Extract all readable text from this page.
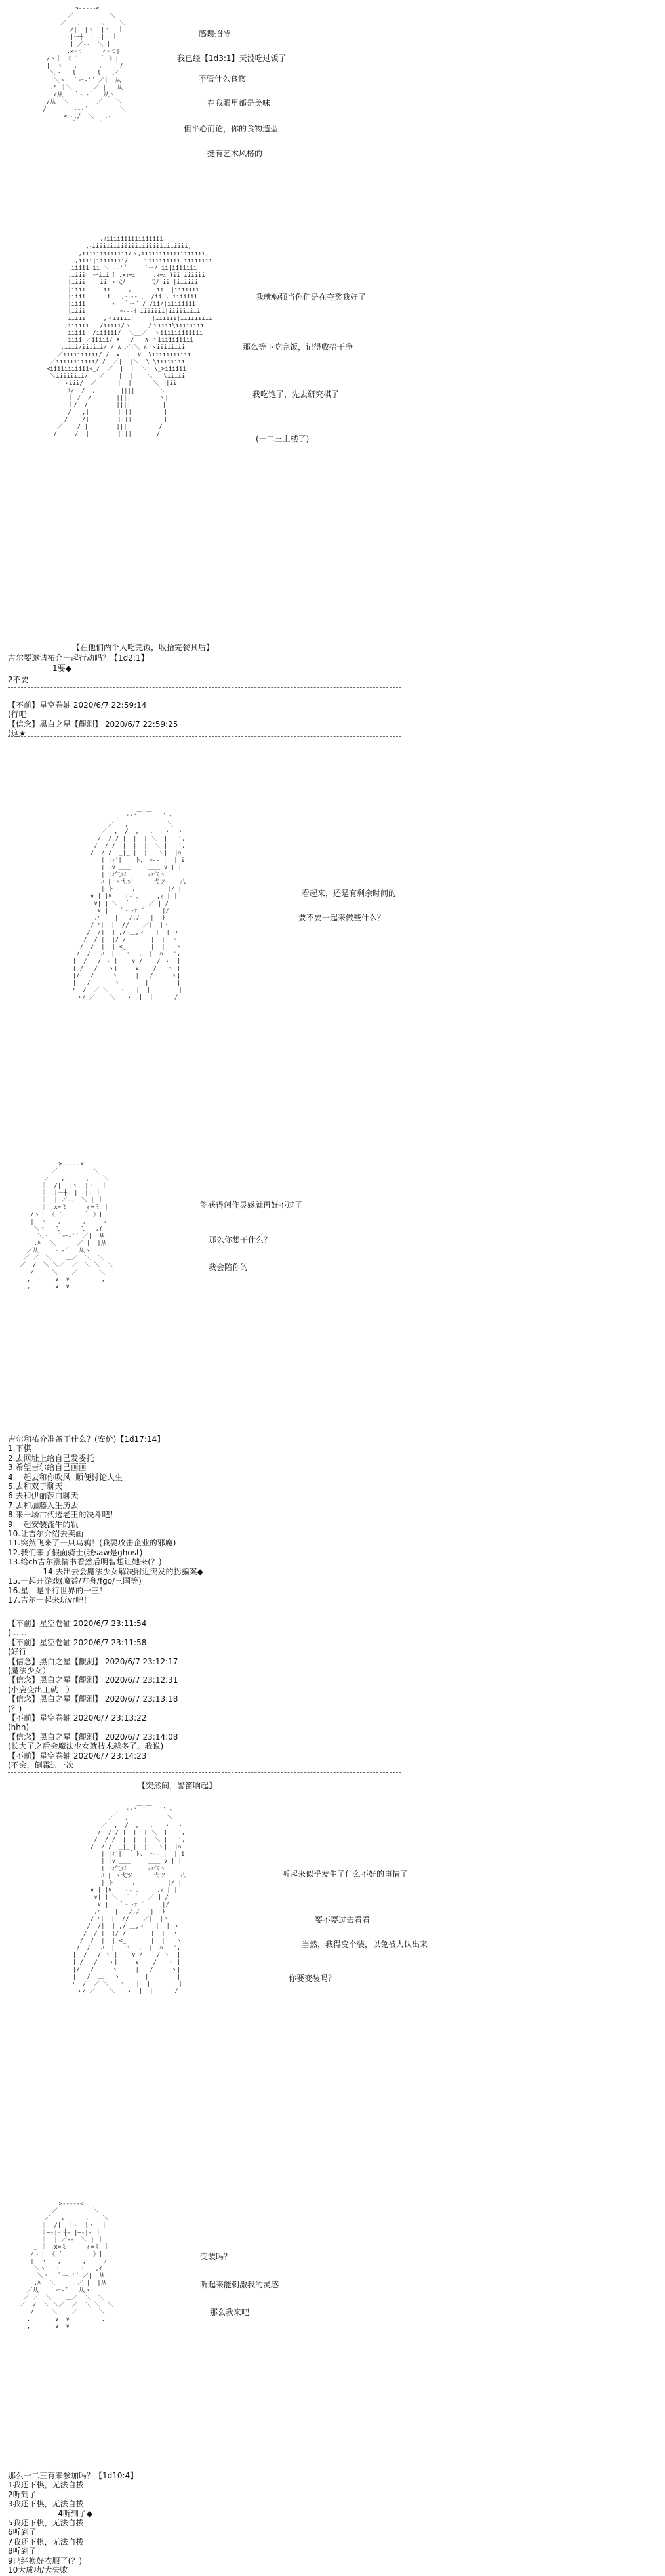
>‐‐‐‐‐<
／          ＼
／   ,      、   ＼
｜  /|  |ヽ  |ヽ  ｜
｜―‐|ー┼‐ |―‐|‐ ｜
｜  | ／‐‐  ＼ | ｜
_ ｜ ,x=ミ     ィ=ミ|｜
/ヽ｜ 《 ´      ｀ 》|
|  ヽ   ,      ,     ﾉ
＼ヽ   l      l   ,ｲ
＼ヽ  ｀ー‐'´ ／|  从
.ﾊ ｜＼      ／ |  |从
/从   ｀ー‐´   从ヽ
/从  ＼      ＿／    ＼
/      ｀‐‐‐´         ＼
<ゝ,/  ＼   ,ｨ
｀¨¨¨¨¨¨´
感谢招待
我已经【1d3:1】天没吃过饭了
不管什么食物
在我眼里都是美味
但平心而论，你的食物造型
挺有艺术风格的
,ｨiiiiiiiiiiiiiiii,
,ｨiiiiiiiiiiiiiiiiiiiiiiiiiii,
,iiiiiiiiiiiii/ヽ,iiiiiiiiiiiiiiiiii,
,iiii|iiiiiiii/    ヽiiiiiiiii|iiiiiiii
iiiii|ii ＼ -‐'´     `ー/ ii|iiiiiii
,iiii |ーiii｛ ,xｨ=ｭ     ,ｨ=ｭ }ii|iiiiii
|iiii |  ii ヽ弋ﾉ       弋ﾉ ii |iiiiii
|iiii |   ii     ,       ii  |iiiiiii
|iiii |    i   ,ー‐‐ ､  /ii ,|iiiiiii
|iiii |     ヽ  ｀ー´ / /ii/|iiiiiiii
|iiii |      ｀ｰ‐‐‐ｲ iiiiiii|iiiiiiiii
iiiii |   ,ィiiiii|     |iiiiii|iiiiiiiii
,iiiiii|  /iiiii/ヽ     /ヽiiii\iiiiiiii
|iiiii |/iiiiii/  ＼__／  ヽiiiiiiiiiiii
|iiii ／iiiii/ ∧  |/   ∧ ヽiiiiiiiiii
,iiii/iiiiii/ / ∧ ／|＼ ∧ ヽiiiiiiii
／iiiiiiiiii/ /  ∨  |  ∨  \iiiiiiiiiii
／iiiiiiiiiii/ /  ／|  |＼  \ \iiiiiiii
<iiiiiiiiiii<_/  ／  |  |  ＼  \_>iiiiii
＼iiiiiiii/   ／    |  |    ＼   \iiiii
｀ヽiii/  ／      |__|      ＼  |ii
ﾄ/  /  ,       ||||       ＼ |
｜ /  /       ||||        ヽ|
｜/  /        ||||         |
/   ,|        ||||         |
/    /|        ||||         |
／    / |        ||||        /
/     /  |        ||||       /
我就勉强当你们是在夸奖我好了
那么等下吃完饭，记得收拾干净
我吃饱了，先去研究棋了
(一二三上楼了)
【在他们两个人吃完饭，收拾完餐具后】
吉尔要邀请祐介一起行动吗？【1d2:1】
1要◆
2不要
【不前】星空卷轴 2020/6/7 22:59:14
(行吧
【信念】黑白之星【觀測】 2020/6/7 22:59:25
(这★
＿ ＿
,  ''´       ｀丶
／   ,           ＼
／  ,  /  ,   ,   ヽ  ヽ
/  / / |  |  | ＼  |   ',
/  / /  |  |  |  ＼ |   ',
/  / /  _|_ |  |   ヽ|  |ﾊ
|  | |ｨ´|  ｀ト、|ｰ‐- |  | i
|  | |∨ ＿＿     ＿＿ ∨ | |
|  | |ｨ气ﾃﾐ      ｨﾃ气ヽ | |
|  ﾊ | ヽ弋ツ      弋ツ | |八
|  | ト     ,         |/ |
∨ | |ﾊ    r‐ ､     ,ｨ | |
∨| | ＼  ｀ ´   ／ | /
∨ |  |｀ー‐ｧ ´  |  |/
,ﾊ |  |   /,/   |  ト
/ ﾊ|  |  //    ／|  |ヽ
/  /|  | ,/ ＿,ィ   |  | ヽ
/  / |  |/ /       |  |  ヽ
/  /  |  | <_       |  |   ヽ
/  /   ﾊ  |   ヽ  ,  |  ﾊ   ',
|  /   / ヽ |    ∨ / |  / ヽ  |
| /   /   ヽ|     ∨  | /   ヽ |
|/   /     ヽ     |  |/     ヽ|
|   /  ＿   ヽ    |  |        |
ﾊ  /  ／ ＼   ヽ   |  |        |
ヽ/ ／    ＼   ヽ  |  |      /
看起来，还是有剩余时间的
要不要一起来做些什么？
>‐‐‐‐‐<
／          ＼
／   ,      、   ＼
｜  /|  |ヽ  |ヽ  ｜
｜―‐|ー┼‐ |―‐|‐ ｜
｜  | ／‐‐  ＼ | ｜
_ ｜ ,x=ミ     ィ=ミ|｜
/ヽ｜ 《 ´      ｀ 》|
|  ヽ   ,      ,     ﾉ
＼ヽ   l      l   ,ｲ
＼ヽ  ｀ー‐'´ ／|  从
.ﾊ ｜＼      ／ |  |从
／从   ｀ー‐´   从ヽ
／ ／  ＼    ＿／  ＼  ＼
／  /  ＼ ＼／  ／  ＼ ＼  ＼
/     ＼    ／      ＼
,       ∨  ∨         ,
,       ∨  ∨
能获得创作灵感就再好不过了
那么你想干什么？
我会陪你的
吉尔和祐介准备干什么？(安价)【1d17:14】
1.下棋
2.去网址上给自己发委托
3.希望吉尔给自己画画
4.一起去和你吹风  顺便讨论人生
5.去和双子聊天
6.去和伊丽莎白聊天
7.去和加藤人生历去
8.来一场古代选老王的决斗吧！
9.一起安装流牛的轨
10.让吉尔介绍去卖画
11.突然飞来了一只乌鸦！(我要攻击企业的邪魔)
12.我们来了假面骑士(我saw是ghost)
13.给ch吉尔涨情书看然后明智想让她来(？)
14.去出去会魔法少女解决附近突发的拐骗案◆
15.一起开游戏(魔益/方舟/fgo/三国等)
16.星，是平行世界的一三！
17.吉尔一起来玩vr吧！
【不前】星空卷轴 2020/6/7 23:11:54
(……
【不前】星空卷轴 2020/6/7 23:11:58
(好行
【信念】黑白之星【觀測】 2020/6/7 23:12:17
(魔法少女）
【信念】黑白之星【觀測】 2020/6/7 23:12:31
(小鹿变出工就！）
【信念】黑白之星【觀測】 2020/6/7 23:13:18
(？)
【不前】星空卷轴 2020/6/7 23:13:22
(hhh)
【信念】黑白之星【觀測】 2020/6/7 23:14:08
(长大了之后会魔法少女就技术越多了。我说)
【不前】星空卷轴 2020/6/7 23:14:23
(不会，倒霉过一次
【突然间，警笛响起】
＿ ＿
,  ''´       ｀丶
／   ,           ＼
／  ,  /  ,   ,   ヽ  ヽ
/  / / |  |  | ＼  |   ',
/  / /  |  |  |  ＼ |   ',
/  / /  _|_ |  |   ヽ|  |ﾊ
|  | |ｨ´|  ｀ト、|ｰ‐- |  | i
|  | |∨ ＿＿     ＿＿ ∨ | |
|  | |ｨ气ﾃﾐ      ｨﾃ气ヽ | |
|  ﾊ | ヽ弋ツ      弋ツ | |八
|  | ト     ,         |/ |
∨ | |ﾊ    r‐ ､     ,ｨ | |
∨| | ＼  ｀ ´   ／ | /
∨ |  |｀ー‐ｧ ´  |  |/
,ﾊ |  |   /,/   |  ト
/ ﾊ|  |  //    ／|  |ヽ
/  /|  | ,/ ＿,ィ   |  | ヽ
/  / |  |/ /       |  |  ヽ
/  /  |  | <_       |  |   ヽ
/  /   ﾊ  |   ヽ  ,  |  ﾊ   ',
|  /   / ヽ |    ∨ / |  / ヽ  |
| /   /   ヽ|     ∨  | /   ヽ |
|/   /     ヽ     |  |/     ヽ|
|   /  ＿   ヽ    |  |        |
ﾊ  /  ／ ＼   ヽ   |  |        |
ヽ/ ／    ＼   ヽ  |  |      /
听起来似乎发生了什么不好的事情了
要不要过去看看
当然，我得变个装，以免被人认出来
你要变装吗？
>‐‐‐‐‐<
／          ＼
／   ,      、   ＼
｜  /|  |ヽ  |ヽ  ｜
｜―‐|ー┼‐ |―‐|‐ ｜
｜  | ／‐‐  ＼ | ｜
_ ｜ ,x=ミ     ィ=ミ|｜
/ヽ｜ 《 ´      ｀ 》|
|  ヽ   ,      ,     ﾉ
＼ヽ   l      l   ,ｲ
＼ヽ  ｀ー‐'´ ／|  从
.ﾊ ｜＼      ／ |  |从
／从   ｀ー‐´   从ヽ
／ ／  ＼    ＿／  ＼  ＼
／  /  ＼ ＼／  ／  ＼ ＼  ＼
/     ＼    ／      ＼
,       ∨  ∨         ,
,       ∨  ∨
变装吗？
听起来能刺激我的灵感
那么我来吧
那么一二三有来参加吗？【1d10:4】
1我还下棋，无法自拔
2听到了
3我还下棋，无法自拔
4听到了◆
5我还下棋，无法自拔
6听到了
7我还下棋，无法自拔
8听到了
9已经换好衣服了(？)
10大成功/大失败
